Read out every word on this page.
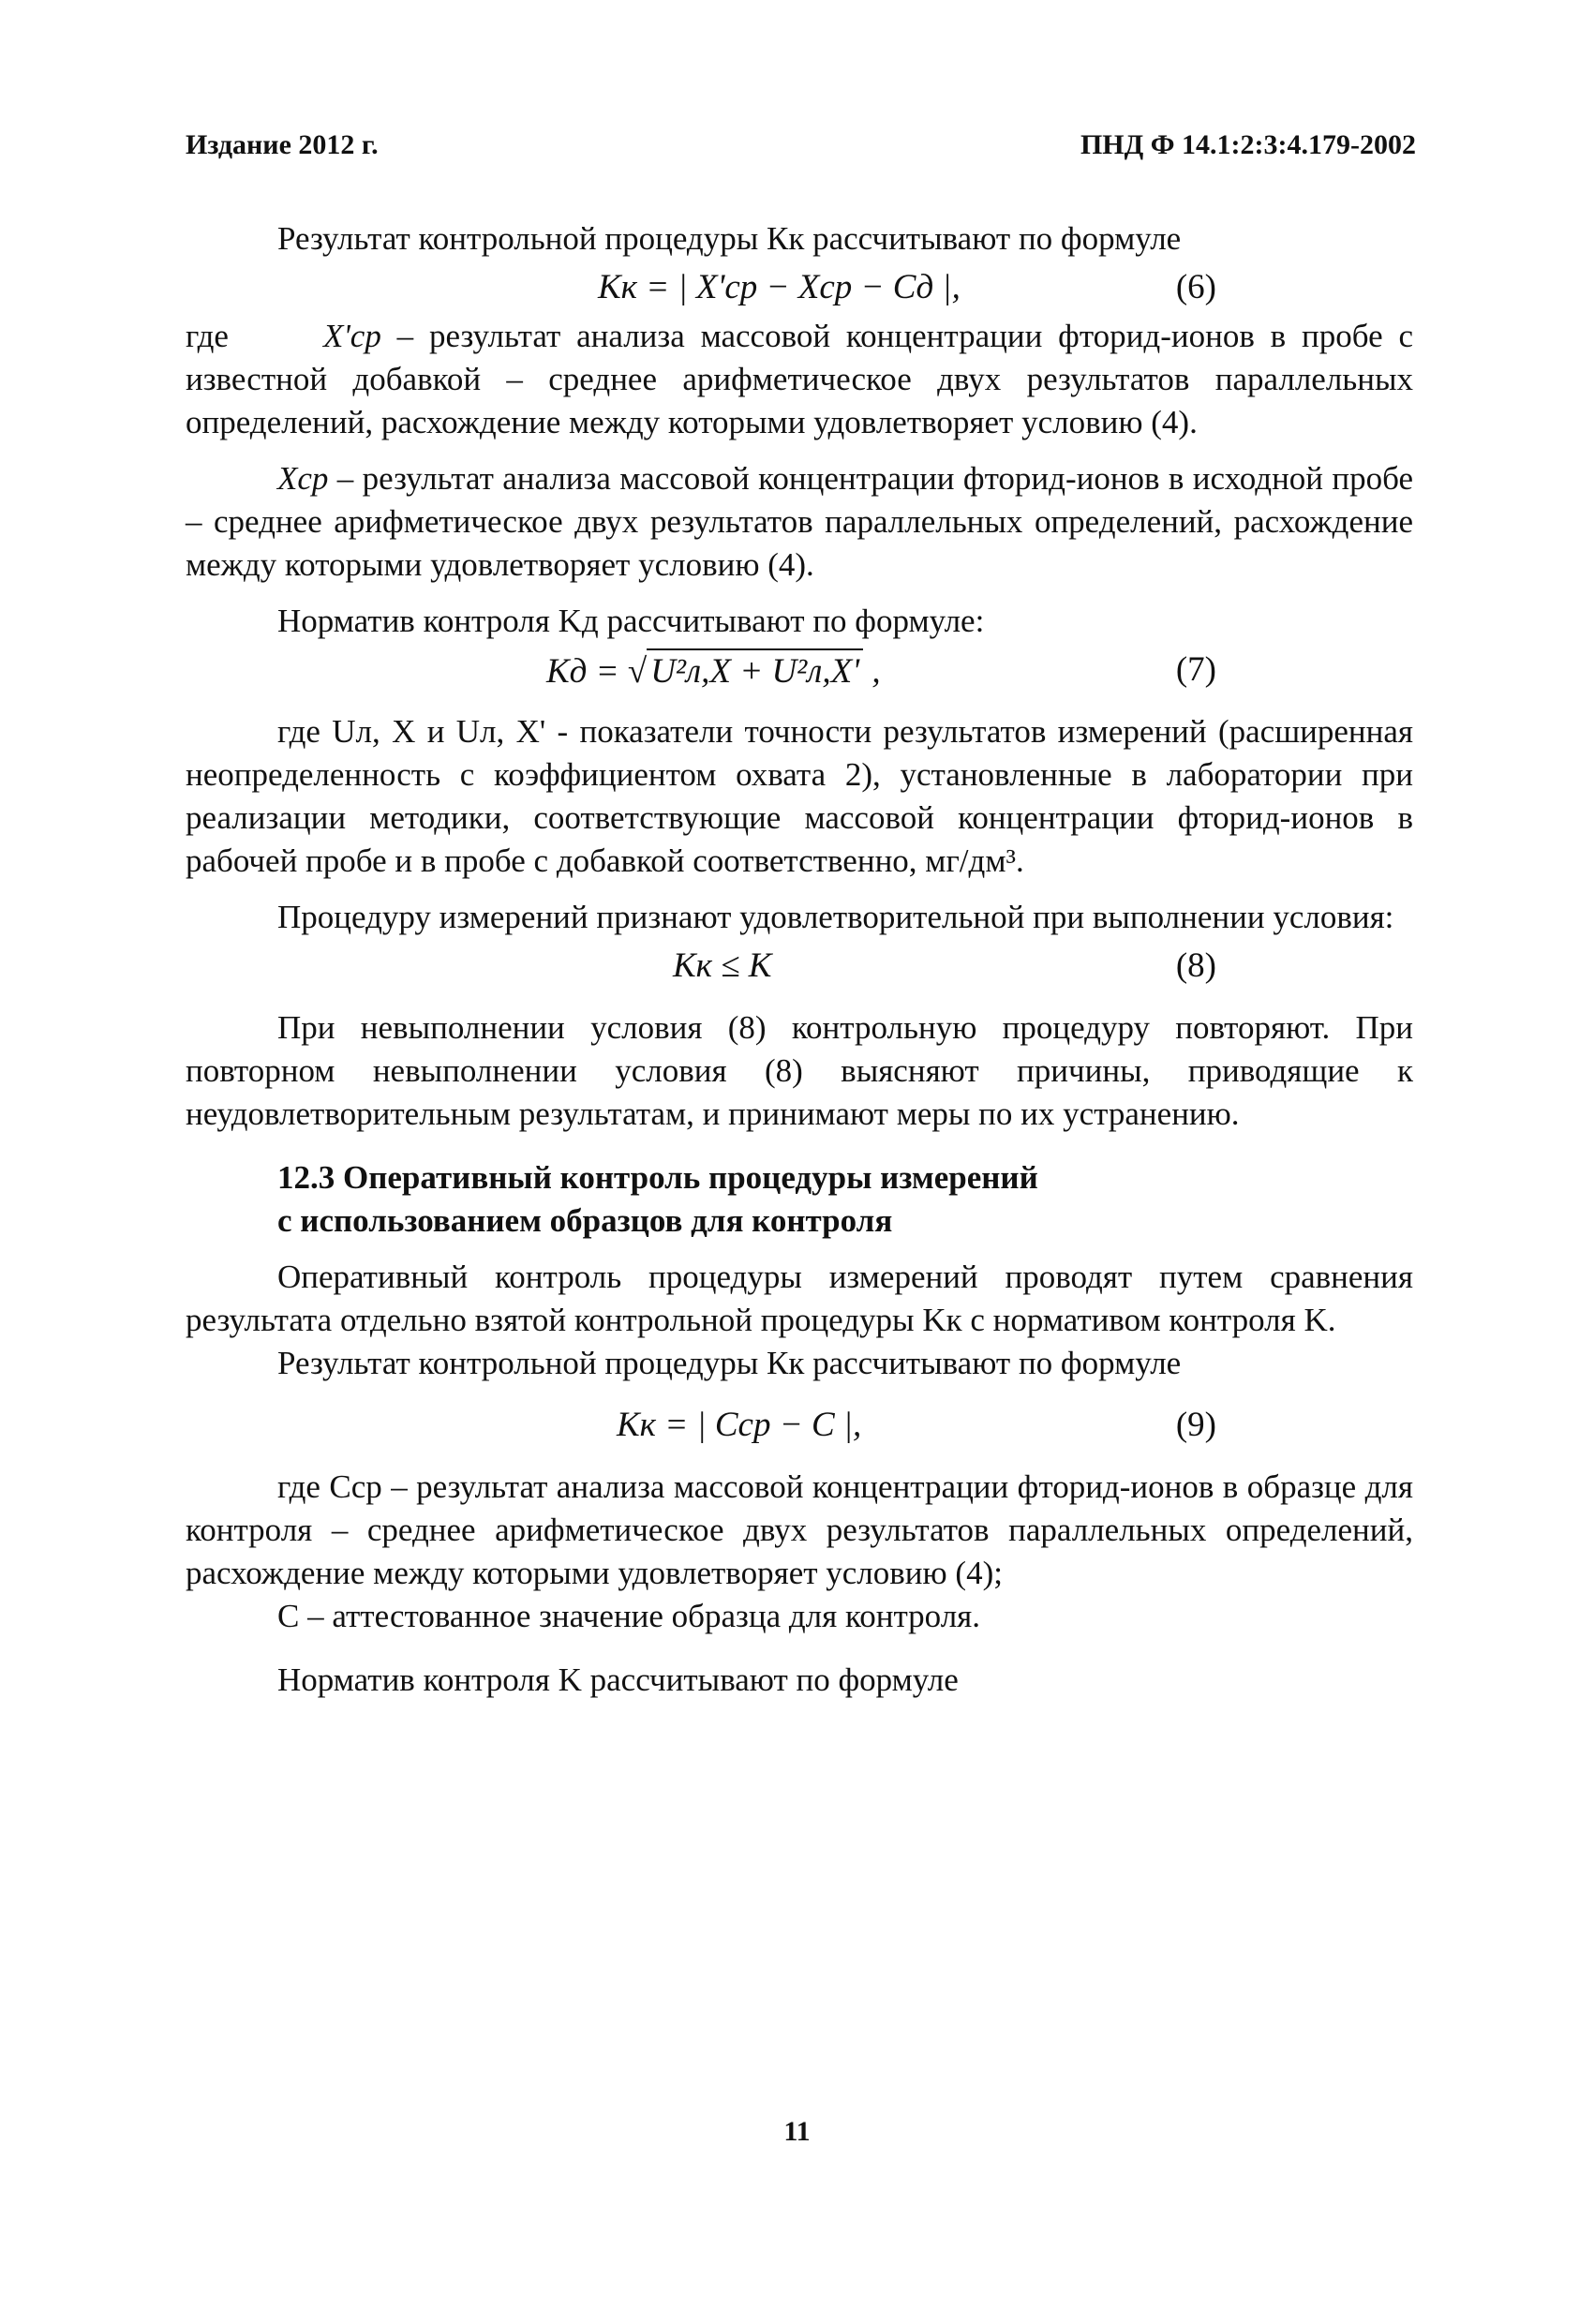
Издание 2012 г.	ПНД Ф 14.1:2:3:4.179-2002

Результат контрольной процедуры Кк рассчитывают по формуле

Kк = | X'ср − Xср − Cд |,	(6)

где	X'ср – результат анализа массовой концентрации фторид-ионов в пробе с известной добавкой – среднее арифметическое двух результатов параллельных определений, расхождение между которыми удовлетворяет условию (4).

Xср – результат анализа массовой концентрации фторид-ионов в исходной пробе – среднее арифметическое двух результатов параллельных определений, расхождение между которыми удовлетворяет условию (4).

Норматив контроля Kд рассчитывают по формуле:

Kд = √ U²л,X + U²л,X' ,	(7)

где Uл, X и Uл, X' - показатели точности результатов измерений (расширенная неопределенность с коэффициентом охвата 2), установленные в лаборатории при реализации методики, соответствующие массовой концентрации фторид-ионов в рабочей пробе и в пробе с добавкой соответственно, мг/дм³.

Процедуру измерений признают удовлетворительной при выполнении условия:

Kк ≤ K	(8)

При невыполнении условия (8) контрольную процедуру повторяют. При повторном невыполнении условия (8) выясняют причины, приводящие к неудовлетворительным результатам, и принимают меры по их устранению.

12.3 Оперативный контроль процедуры измерений
с использованием образцов для контроля

Оперативный контроль процедуры измерений проводят путем сравнения результата отдельно взятой контрольной процедуры Kк с нормативом контроля K.

Результат контрольной процедуры Кк рассчитывают по формуле

Kк = | Cср − C |,	(9)

где Cср – результат анализа массовой концентрации фторид-ионов в образце для контроля – среднее арифметическое двух результатов параллельных определений, расхождение между которыми удовлетворяет условию (4);

C – аттестованное значение образца для контроля.

Норматив контроля K рассчитывают по формуле

11
